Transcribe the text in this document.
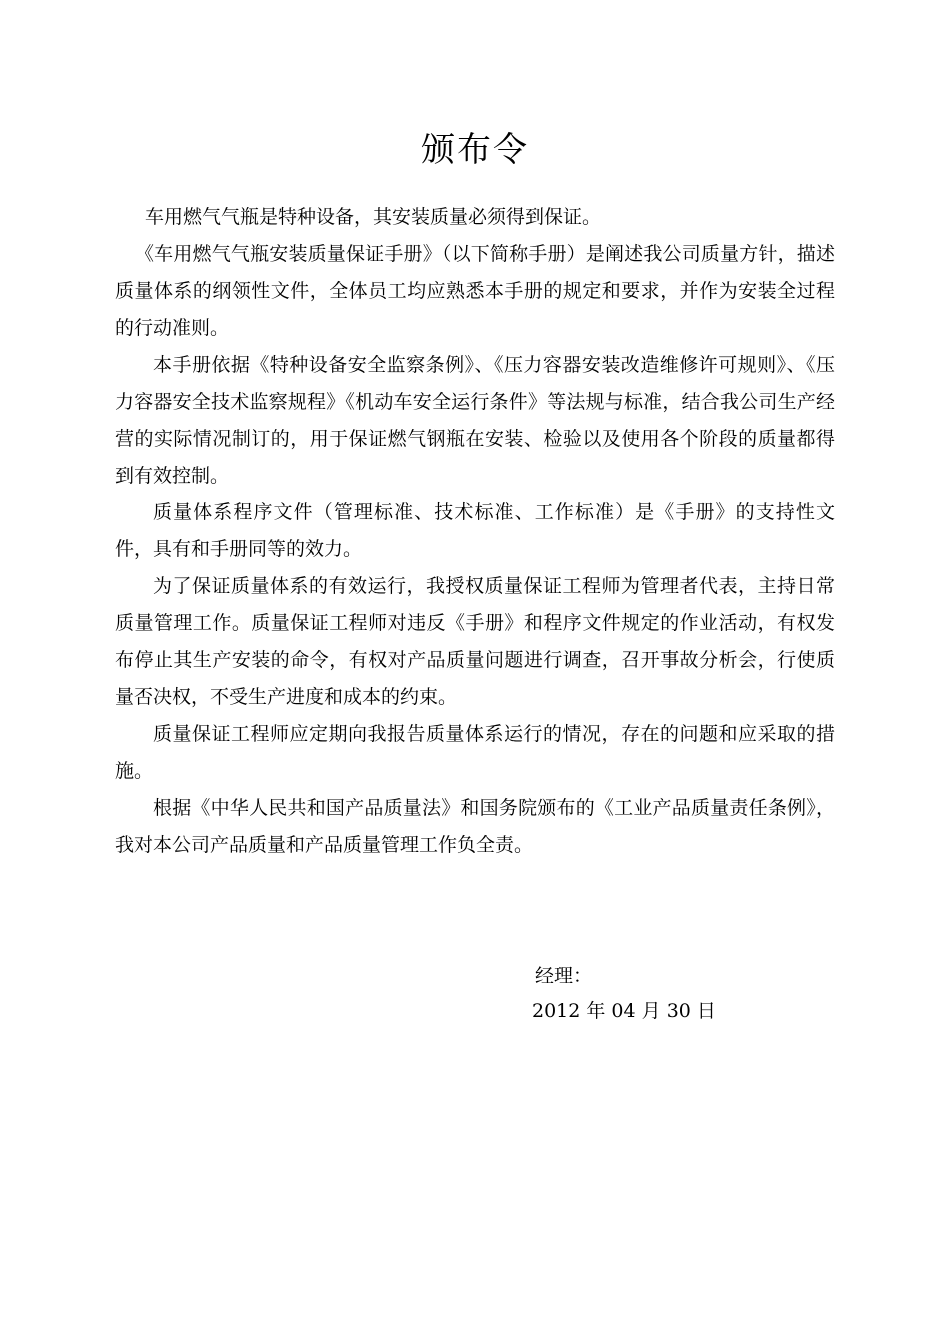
颁布令

车用燃气气瓶是特种设备，其安装质量必须得到保证。

《车用燃气气瓶安装质量保证手册》（以下简称手册）是阐述我公司质量方针，描述质量体系的纲领性文件，全体员工均应熟悉本手册的规定和要求，并作为安装全过程的行动准则。

本手册依据《特种设备安全监察条例》、《压力容器安装改造维修许可规则》、《压力容器安全技术监察规程》《机动车安全运行条件》等法规与标准，结合我公司生产经营的实际情况制订的，用于保证燃气钢瓶在安装、检验以及使用各个阶段的质量都得到有效控制。

质量体系程序文件（管理标准、技术标准、工作标准）是《手册》的支持性文件，具有和手册同等的效力。

为了保证质量体系的有效运行，我授权质量保证工程师为管理者代表，主持日常质量管理工作。质量保证工程师对违反《手册》和程序文件规定的作业活动，有权发布停止其生产安装的命令，有权对产品质量问题进行调查，召开事故分析会，行使质量否决权，不受生产进度和成本的约束。

质量保证工程师应定期向我报告质量体系运行的情况，存在的问题和应采取的措施。

根据《中华人民共和国产品质量法》和国务院颁布的《工业产品质量责任条例》，我对本公司产品质量和产品质量管理工作负全责。

经理：
2012 年 04 月 30 日
